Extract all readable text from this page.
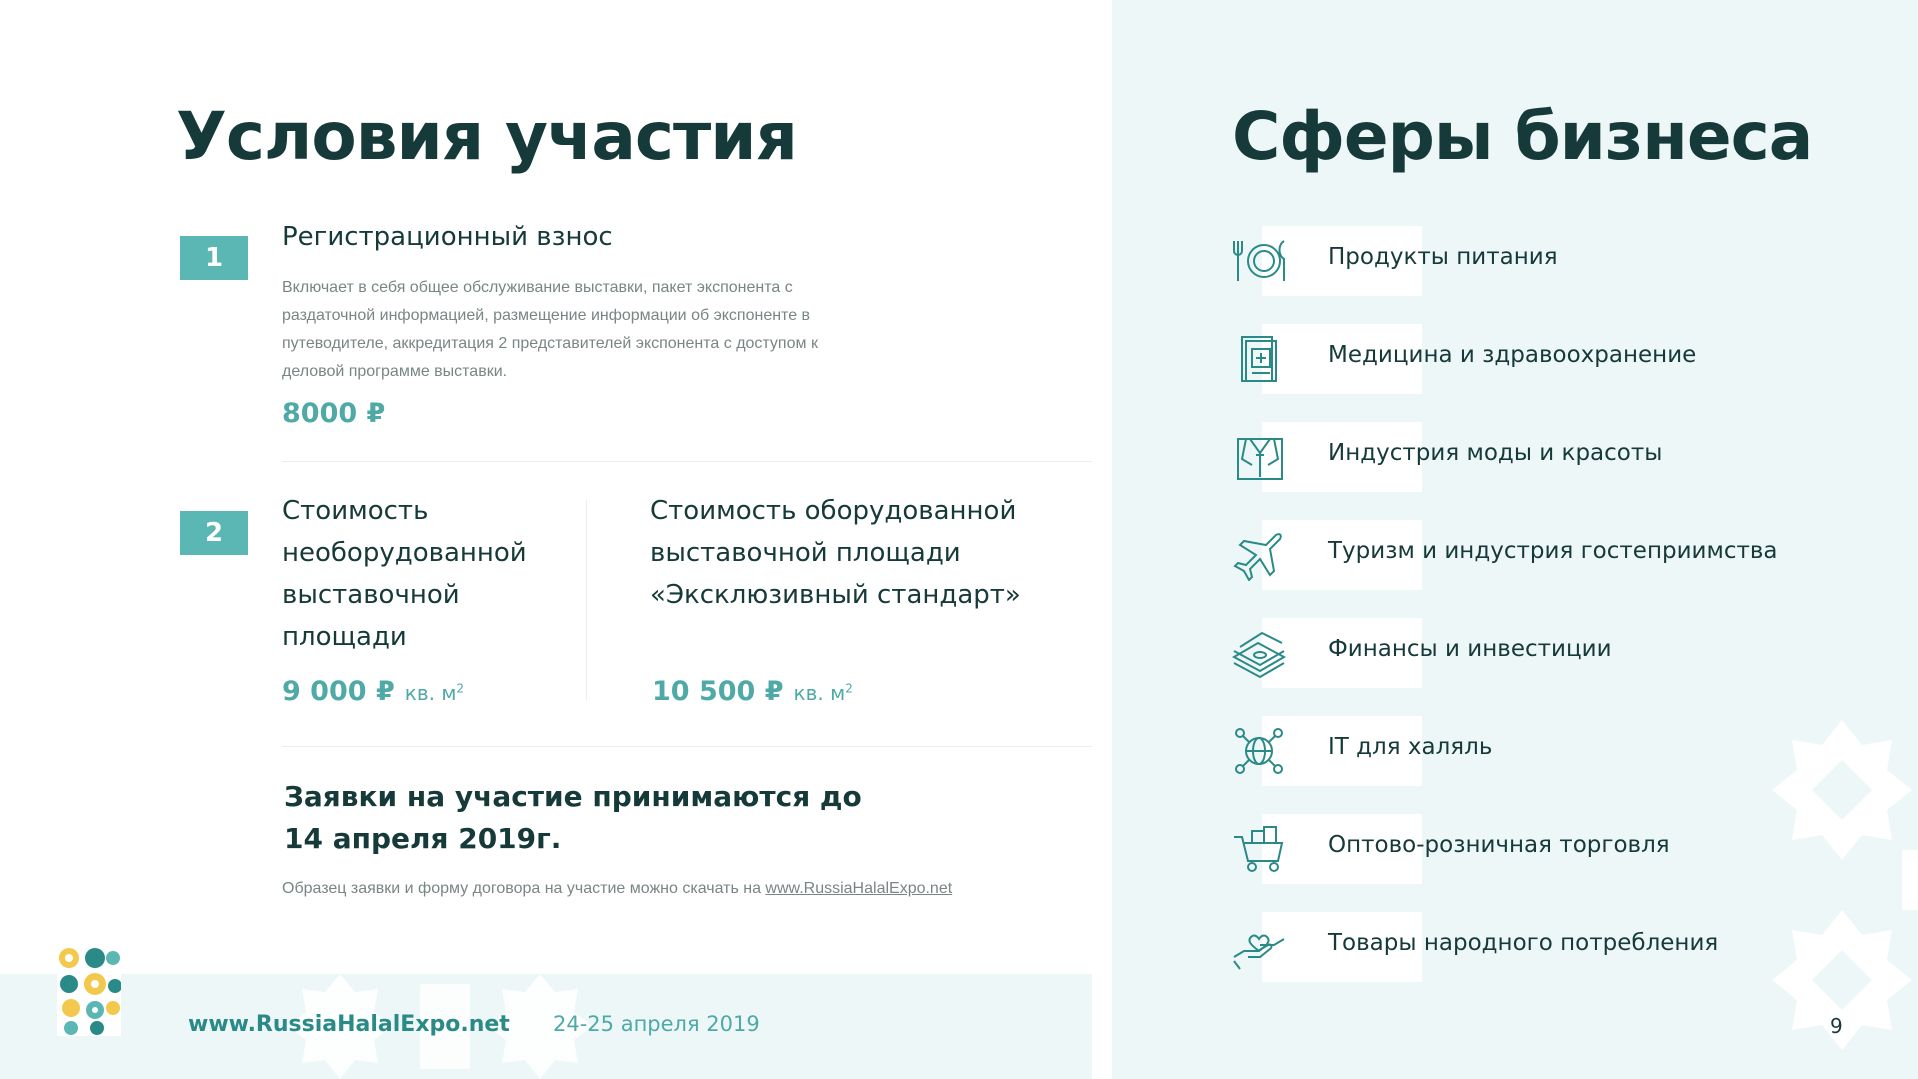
Условия участия
1
Регистрационный взнос
Включает в себя общее обслуживание выставки, пакет экспонента с раздаточной информацией, размещение информации об экспоненте в путеводителе, аккредитация 2 представителей экспонента с доступом к деловой программе выставки.
8000 ₽
2
Стоимость необорудованной выставочной площади
Стоимость оборудованной выставочной площади «Эксклюзивный стандарт»
9 000 ₽ кв. $м^2$	10 500 ₽ кв. $м^2$
Заявки на участие принимаются до 14 апреля 2019г.
Образец заявки и форму договора на участие можно скачать на www.RussiaHalalExpo.net
www.RussiaHalalExpo.net 24-25 апреля 2019	9
Сферы бизнеса
Продукты питания
Медицина и здравоохранение
Индустрия моды и красоты
Туризм и индустрия гостеприимства
Финансы и инвестиции
IT для халяль
Оптово-розничная торговля
Товары народного потребления
